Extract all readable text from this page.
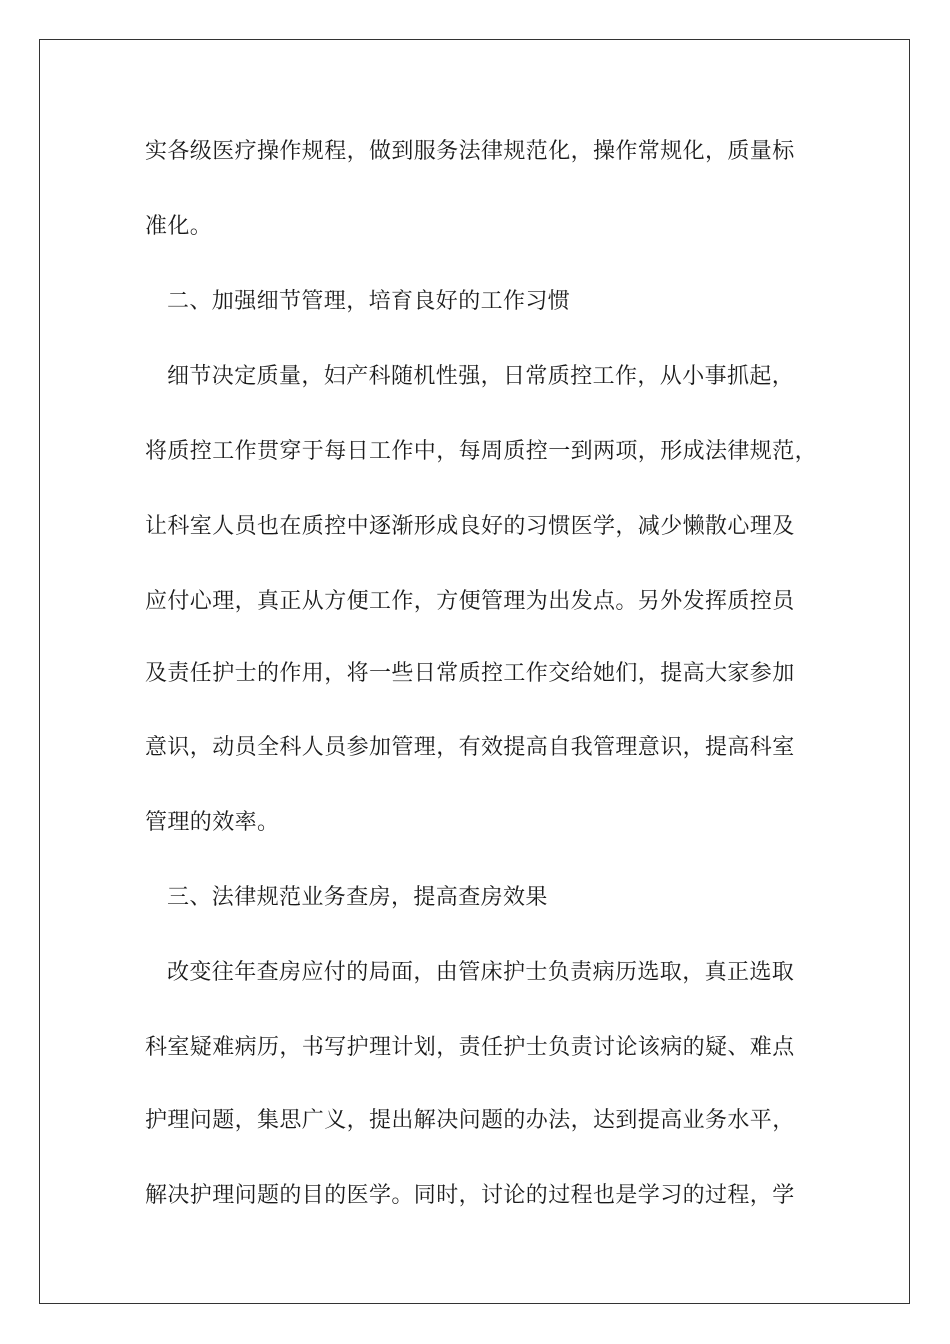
实各级医疗操作规程，做到服务法律规范化，操作常规化，质量标
准化。
二、加强细节管理，培育良好的工作习惯
细节决定质量，妇产科随机性强，日常质控工作，从小事抓起，
将质控工作贯穿于每日工作中，每周质控一到两项，形成法律规范，
让科室人员也在质控中逐渐形成良好的习惯医学，减少懒散心理及
应付心理，真正从方便工作，方便管理为出发点。另外发挥质控员
及责任护士的作用，将一些日常质控工作交给她们，提高大家参加
意识，动员全科人员参加管理，有效提高自我管理意识，提高科室
管理的效率。
三、法律规范业务查房，提高查房效果
改变往年查房应付的局面，由管床护士负责病历选取，真正选取
科室疑难病历，书写护理计划，责任护士负责讨论该病的疑、难点
护理问题，集思广义，提出解决问题的办法，达到提高业务水平，
解决护理问题的目的医学。同时，讨论的过程也是学习的过程，学
